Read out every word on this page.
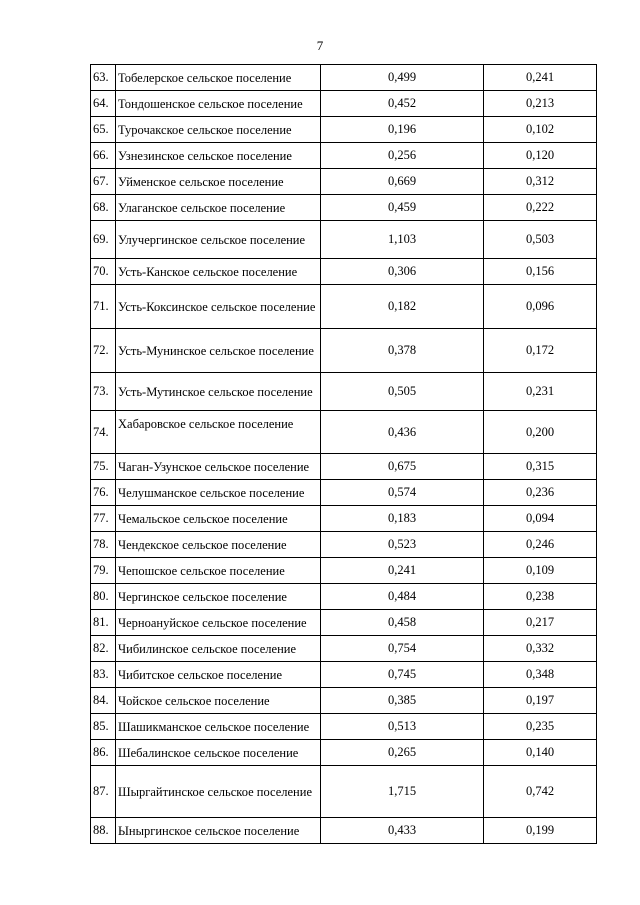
7
63.	Тобелерское сельское поселение	0,499	0,241
64.	Тондошенское сельское поселение	0,452	0,213
65.	Турочакское сельское поселение	0,196	0,102
66.	Узнезинское сельское поселение	0,256	0,120
67.	Уйменское сельское поселение	0,669	0,312
68.	Улаганское сельское поселение	0,459	0,222
69.	Улучергинское сельское поселение	1,103	0,503
70.	Усть-Канское сельское поселение	0,306	0,156
71.	Усть-Коксинское сельское поселение	0,182	0,096
72.	Усть-Мунинское сельское поселение	0,378	0,172
73.	Усть-Мутинское сельское поселение	0,505	0,231
74.	Хабаровское сельское поселение	0,436	0,200
75.	Чаган-Узунское сельское поселение	0,675	0,315
76.	Челушманское сельское поселение	0,574	0,236
77.	Чемальское сельское поселение	0,183	0,094
78.	Чендекское сельское поселение	0,523	0,246
79.	Чепошское сельское поселение	0,241	0,109
80.	Чергинское сельское поселение	0,484	0,238
81.	Черноануйское сельское поселение	0,458	0,217
82.	Чибилинское сельское поселение	0,754	0,332
83.	Чибитское сельское поселение	0,745	0,348
84.	Чойское сельское поселение	0,385	0,197
85.	Шашикманское сельское поселение	0,513	0,235
86.	Шебалинское сельское поселение	0,265	0,140
87.	Шыргайтинское сельское поселение	1,715	0,742
88.	Ыныргинское сельское поселение	0,433	0,199
